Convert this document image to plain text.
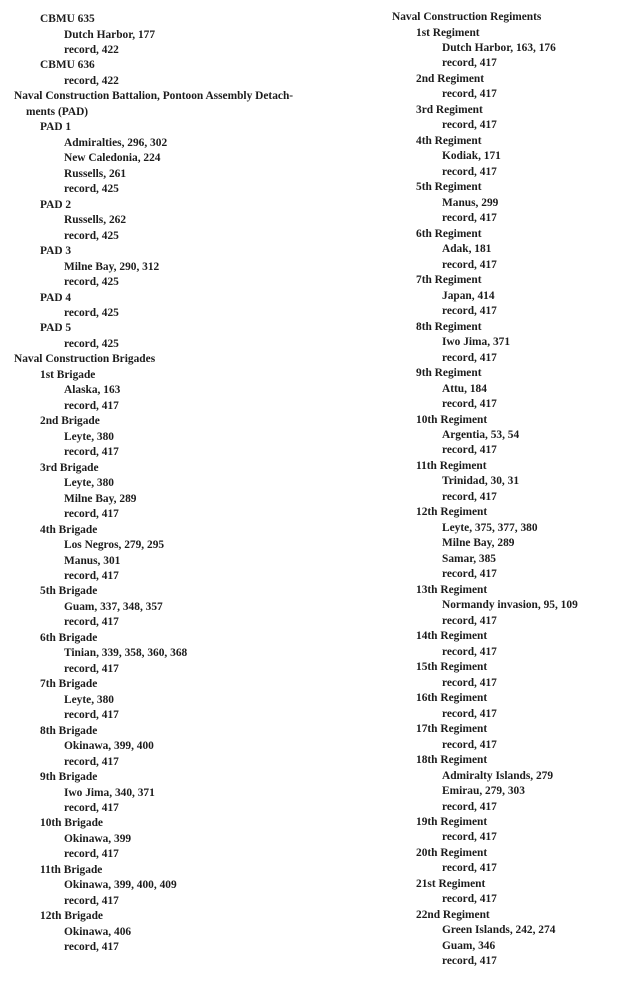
CBMU 635
Dutch Harbor, 177
record, 422
CBMU 636
record, 422
Naval Construction Battalion, Pontoon Assembly Detach-
ments (PAD)
PAD 1
Admiralties, 296, 302
New Caledonia, 224
Russells, 261
record, 425
PAD 2
Russells, 262
record, 425
PAD 3
Milne Bay, 290, 312
record, 425
PAD 4
record, 425
PAD 5
record, 425
Naval Construction Brigades
1st Brigade
Alaska, 163
record, 417
2nd Brigade
Leyte, 380
record, 417
3rd Brigade
Leyte, 380
Milne Bay, 289
record, 417
4th Brigade
Los Negros, 279, 295
Manus, 301
record, 417
5th Brigade
Guam, 337, 348, 357
record, 417
6th Brigade
Tinian, 339, 358, 360, 368
record, 417
7th Brigade
Leyte, 380
record, 417
8th Brigade
Okinawa, 399, 400
record, 417
9th Brigade
Iwo Jima, 340, 371
record, 417
10th Brigade
Okinawa, 399
record, 417
11th Brigade
Okinawa, 399, 400, 409
record, 417
12th Brigade
Okinawa, 406
record, 417
Naval Construction Regiments
1st Regiment
Dutch Harbor, 163, 176
record, 417
2nd Regiment
record, 417
3rd Regiment
record, 417
4th Regiment
Kodiak, 171
record, 417
5th Regiment
Manus, 299
record, 417
6th Regiment
Adak, 181
record, 417
7th Regiment
Japan, 414
record, 417
8th Regiment
Iwo Jima, 371
record, 417
9th Regiment
Attu, 184
record, 417
10th Regiment
Argentia, 53, 54
record, 417
11th Regiment
Trinidad, 30, 31
record, 417
12th Regiment
Leyte, 375, 377, 380
Milne Bay, 289
Samar, 385
record, 417
13th Regiment
Normandy invasion, 95, 109
record, 417
14th Regiment
record, 417
15th Regiment
record, 417
16th Regiment
record, 417
17th Regiment
record, 417
18th Regiment
Admiralty Islands, 279
Emirau, 279, 303
record, 417
19th Regiment
record, 417
20th Regiment
record, 417
21st Regiment
record, 417
22nd Regiment
Green Islands, 242, 274
Guam, 346
record, 417
